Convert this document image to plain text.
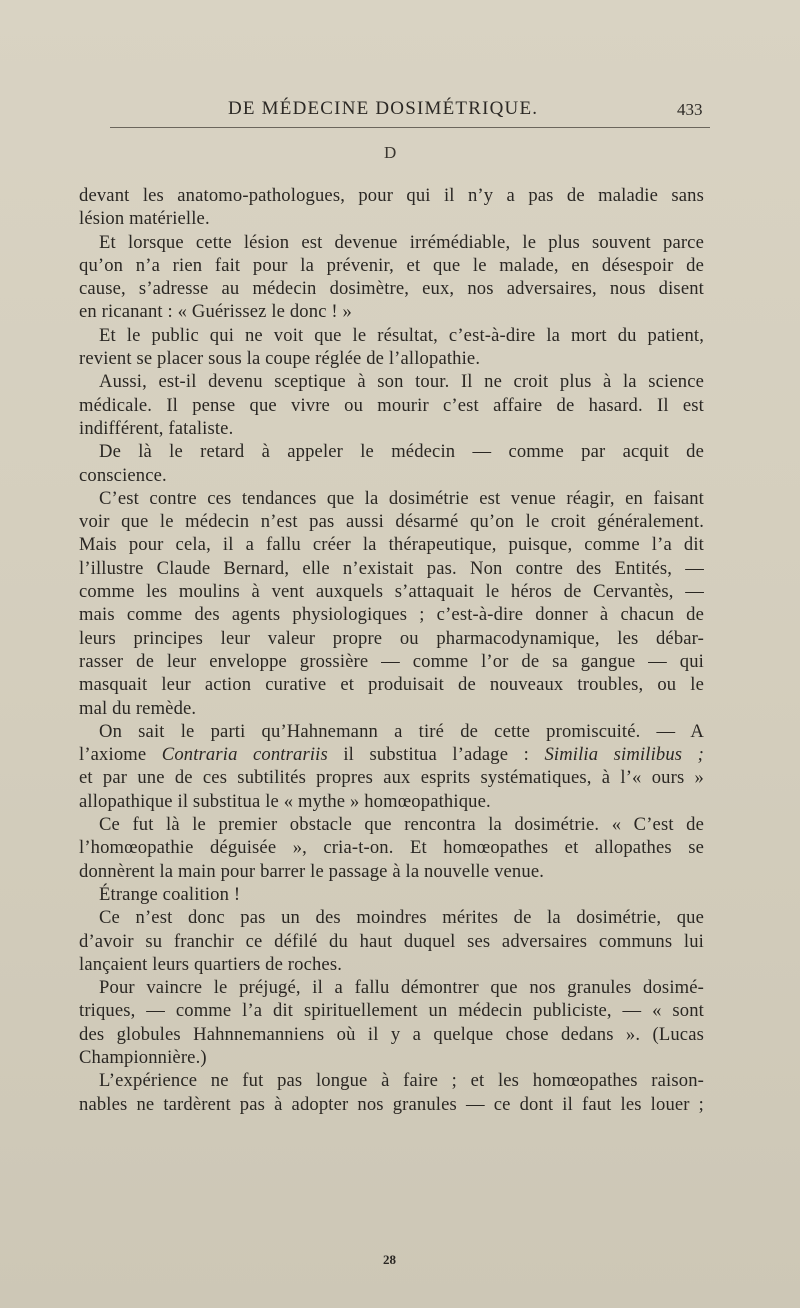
DE MÉDECINE DOSIMÉTRIQUE.	433
D
devant les anatomo-pathologues, pour qui il n’y a pas de maladie sans
lésion matérielle.
Et lorsque cette lésion est devenue irrémédiable, le plus souvent parce
qu’on n’a rien fait pour la prévenir, et que le malade, en désespoir de
cause, s’adresse au médecin dosimètre, eux, nos adversaires, nous disent
en ricanant : « Guérissez le donc ! »
Et le public qui ne voit que le résultat, c’est-à-dire la mort du patient,
revient se placer sous la coupe réglée de l’allopathie.
Aussi, est-il devenu sceptique à son tour. Il ne croit plus à la science
médicale. Il pense que vivre ou mourir c’est affaire de hasard. Il est
indifférent, fataliste.
De là le retard à appeler le médecin — comme par acquit de
conscience.
C’est contre ces tendances que la dosimétrie est venue réagir, en faisant
voir que le médecin n’est pas aussi désarmé qu’on le croit généralement.
Mais pour cela, il a fallu créer la thérapeutique, puisque, comme l’a dit
l’illustre Claude Bernard, elle n’existait pas. Non contre des Entités, —
comme les moulins à vent auxquels s’attaquait le héros de Cervantès, —
mais comme des agents physiologiques ; c’est-à-dire donner à chacun de
leurs principes leur valeur propre ou pharmacodynamique, les débar-
rasser de leur enveloppe grossière — comme l’or de sa gangue — qui
masquait leur action curative et produisait de nouveaux troubles, ou le
mal du remède.
On sait le parti qu’Hahnemann a tiré de cette promiscuité. — A
l’axiome Contraria contrariis il substitua l’adage : Similia similibus ;
et par une de ces subtilités propres aux esprits systématiques, à l’« ours »
allopathique il substitua le « mythe » homœopathique.
Ce fut là le premier obstacle que rencontra la dosimétrie. « C’est de
l’homœopathie déguisée », cria-t-on. Et homœopathes et allopathes se
donnèrent la main pour barrer le passage à la nouvelle venue.
Étrange coalition !
Ce n’est donc pas un des moindres mérites de la dosimétrie, que
d’avoir su franchir ce défilé du haut duquel ses adversaires communs lui
lançaient leurs quartiers de roches.
Pour vaincre le préjugé, il a fallu démontrer que nos granules dosimé-
triques, — comme l’a dit spirituellement un médecin publiciste, — « sont
des globules Hahnnemanniens où il y a quelque chose dedans ». (Lucas
Championnière.)
L’expérience ne fut pas longue à faire ; et les homœopathes raison-
nables ne tardèrent pas à adopter nos granules — ce dont il faut les louer ;
28
